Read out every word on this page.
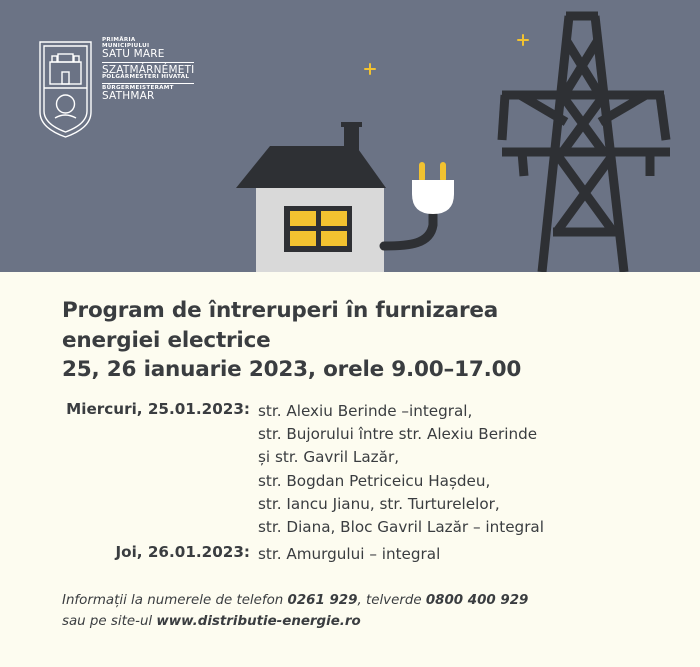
PRIMĂRIA
MUNICIPIULUI
SATU MARE
SZATMÁRNÉMETI
POLGÁRMESTERI HIVATAL
BÜRGERMEISTERAMT
SATHMAR
Program de întreruperi în furnizarea
energiei electrice
25, 26 ianuarie 2023, orele 9.00–17.00
Miercuri, 25.01.2023: str. Alexiu Berinde –integral,
str. Bujorului între str. Alexiu Berinde
și str. Gavril Lazăr,
str. Bogdan Petriceicu Hașdeu,
str. Iancu Jianu, str. Turturelelor,
str. Diana, Bloc Gavril Lazăr – integral
Joi, 26.01.2023: str. Amurgului – integral
Informații la numerele de telefon 0261 929, telverde 0800 400 929
sau pe site-ul www.distributie-energie.ro
